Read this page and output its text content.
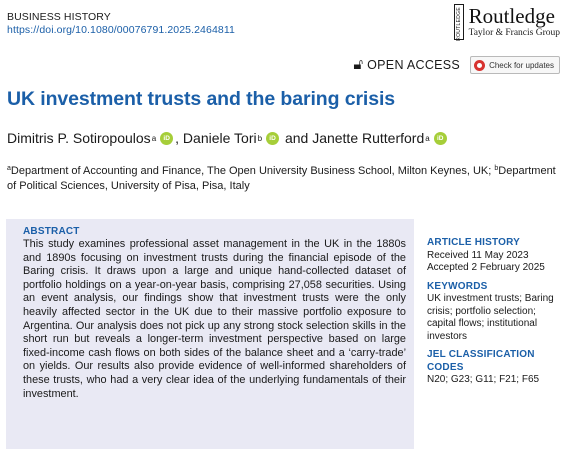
BUSINESS HISTORY
https://doi.org/10.1080/00076791.2025.2464811	ROUTLEDGE Routledge
Taylor & Francis Group
🔓︎ OPEN ACCESS	Check for updates
UK investment trusts and the baring crisis
Dimitris P. Sotiropoulos a	iD ,
Daniele Tori b	iD
and
Janette Rutterford a	iD
$^a$Department of Accounting and Finance, The Open University Business School, Milton Keynes, UK; $^b$Department of Political Sciences, University of Pisa, Pisa, Italy
ABSTRACT
This study examines professional asset management in the UK in the 1880s and 1890s focusing on investment trusts during the financial episode of the Baring crisis. It draws upon a large and unique hand-collected dataset of portfolio holdings on a year-on-year basis, comprising 27,058 securities. Using an event analysis, our findings show that investment trusts were the only heavily affected sector in the UK due to their massive portfolio exposure to Argentina. Our analysis does not pick up any strong stock selection skills in the short run but reveals a longer-term investment perspective based on large fixed-income cash flows on both sides of the balance sheet and a ‘carry-trade’ on yields. Our results also provide evidence of well-informed shareholders of these trusts, who had a very clear idea of the underlying fundamentals of their investment.
ARTICLE HISTORY
Received 11 May 2023
Accepted 2 February 2025
KEYWORDS
UK investment trusts; Baring crisis; portfolio selection; capital flows; institutional investors
JEL CLASSIFICATION CODES
N20; G23; G11; F21; F65
